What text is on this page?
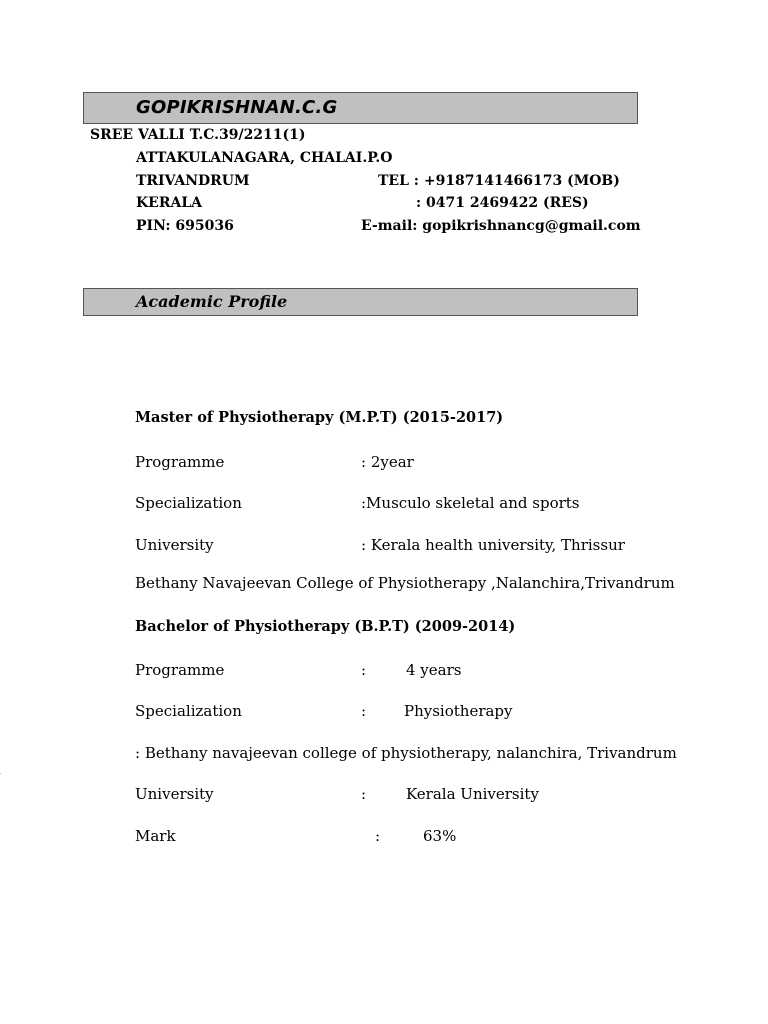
GOPIKRISHNAN.C.G
SREE VALLI T.C.39/2211(1)
ATTAKULANAGARA, CHALAI.P.O
TRIVANDRUM	TEL : +9187141466173 (MOB)
KERALA	: 0471 2469422 (RES)
PIN: 695036	E-mail: gopikrishnancg@gmail.com
Academic Profile
Master of Physiotherapy (M.P.T) (2015-2017)
Programme	: 2year
Specialization	:Musculo skeletal and sports
University	: Kerala health university, Thrissur
Bethany Navajeevan College of Physiotherapy ,Nalanchira,Trivandrum
Bachelor of Physiotherapy (B.P.T) (2009-2014)
Programme	:	4 years
Specialization	:	Physiotherapy
: Bethany navajeevan college of physiotherapy, nalanchira, Trivandrum
University	:	Kerala University
Mark	:	63%
